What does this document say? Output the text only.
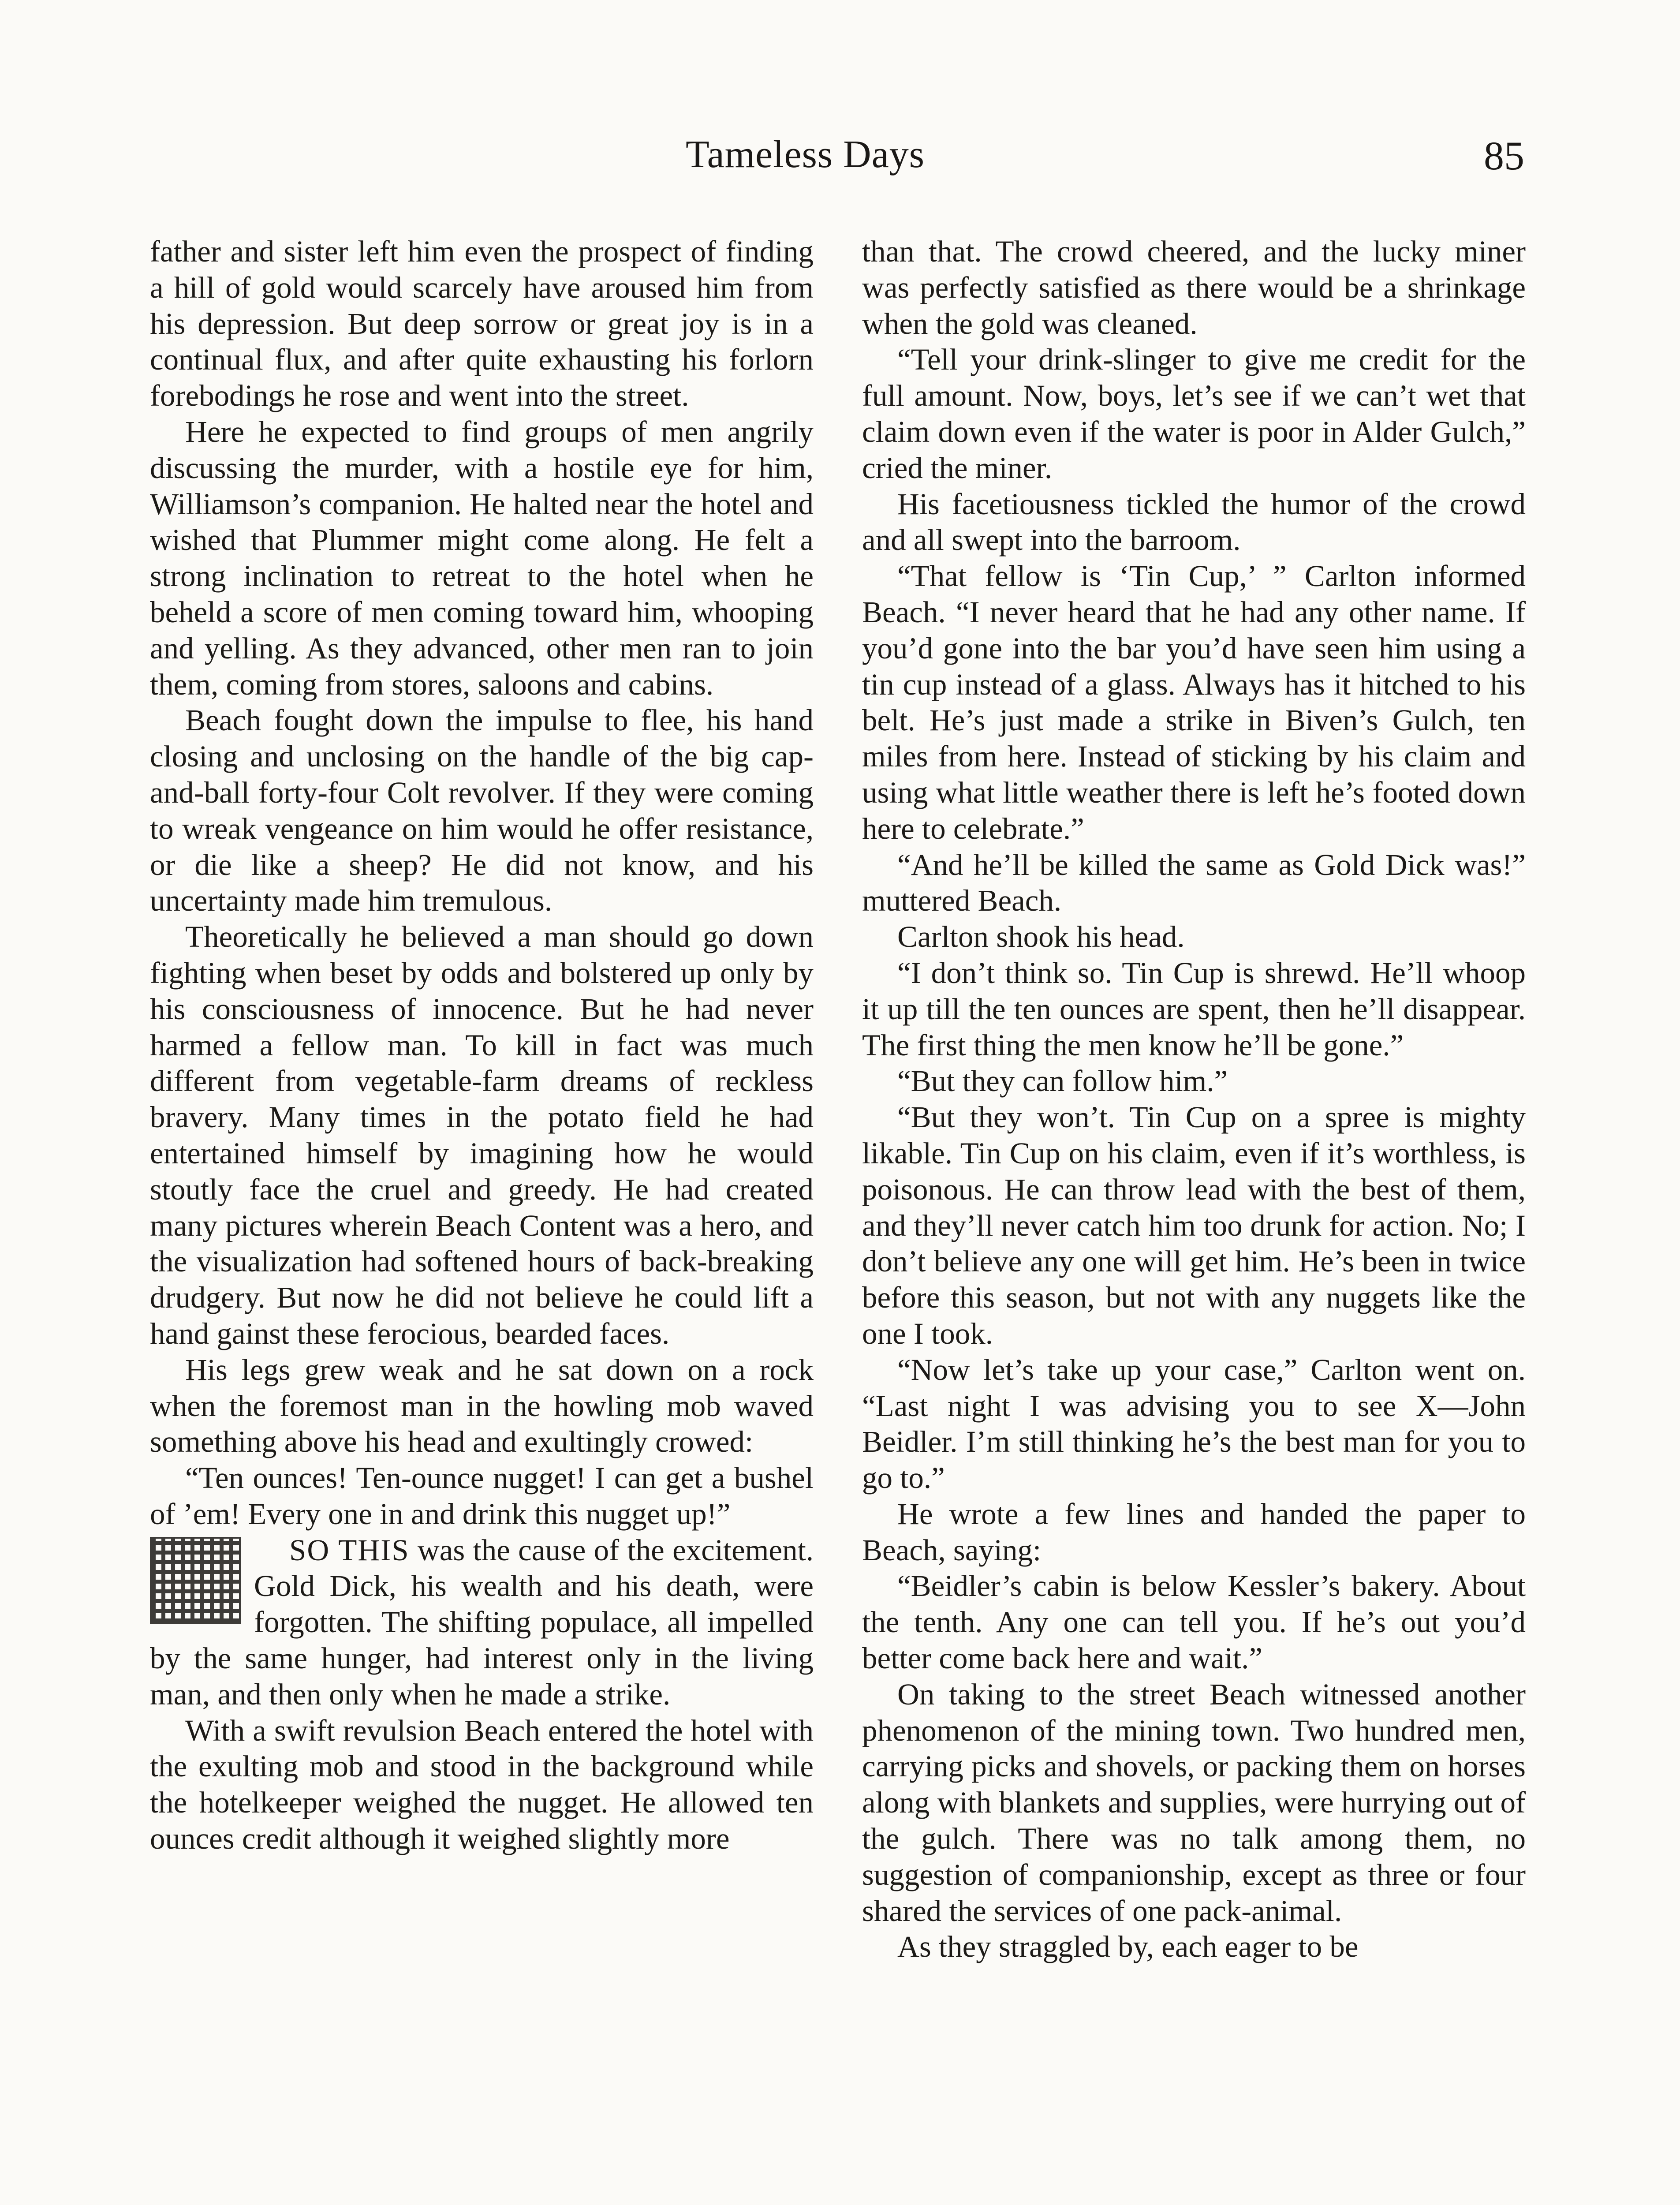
Tameless Days	85

father and sister left him even the prospect of finding a hill of gold would scarcely have aroused him from his depression. But deep sorrow or great joy is in a continual flux, and after quite exhausting his forlorn forebodings he rose and went into the street.

Here he expected to find groups of men angrily discussing the murder, with a hostile eye for him, Williamson’s companion. He halted near the hotel and wished that Plummer might come along. He felt a strong inclination to retreat to the hotel when he beheld a score of men coming toward him, whooping and yelling. As they advanced, other men ran to join them, coming from stores, saloons and cabins.

Beach fought down the impulse to flee, his hand closing and unclosing on the handle of the big cap-and-ball forty-four Colt revolver. If they were coming to wreak vengeance on him would he offer resistance, or die like a sheep? He did not know, and his uncertainty made him tremulous.

Theoretically he believed a man should go down fighting when beset by odds and bolstered up only by his consciousness of innocence. But he had never harmed a fellow man. To kill in fact was much different from vegetable-farm dreams of reckless bravery. Many times in the potato field he had entertained himself by imagining how he would stoutly face the cruel and greedy. He had created many pictures wherein Beach Content was a hero, and the visualization had softened hours of back-breaking drudgery. But now he did not believe he could lift a hand gainst these ferocious, bearded faces.

His legs grew weak and he sat down on a rock when the foremost man in the howling mob waved something above his head and exultingly crowed:

“Ten ounces! Ten-ounce nugget! I can get a bushel of ’em! Every one in and drink this nugget up!”

SO THIS was the cause of the excitement. Gold Dick, his wealth and his death, were forgotten. The shifting populace, all impelled by the same hunger, had interest only in the living man, and then only when he made a strike.

With a swift revulsion Beach entered the hotel with the exulting mob and stood in the background while the hotelkeeper weighed the nugget. He allowed ten ounces credit although it weighed slightly more

than that. The crowd cheered, and the lucky miner was perfectly satisfied as there would be a shrinkage when the gold was cleaned.

“Tell your drink-slinger to give me credit for the full amount. Now, boys, let’s see if we can’t wet that claim down even if the water is poor in Alder Gulch,” cried the miner.

His facetiousness tickled the humor of the crowd and all swept into the barroom.

“That fellow is ‘Tin Cup,’ ” Carlton informed Beach. “I never heard that he had any other name. If you’d gone into the bar you’d have seen him using a tin cup instead of a glass. Always has it hitched to his belt. He’s just made a strike in Biven’s Gulch, ten miles from here. Instead of sticking by his claim and using what little weather there is left he’s footed down here to celebrate.”

“And he’ll be killed the same as Gold Dick was!” muttered Beach.

Carlton shook his head.

“I don’t think so. Tin Cup is shrewd. He’ll whoop it up till the ten ounces are spent, then he’ll disappear. The first thing the men know he’ll be gone.”

“But they can follow him.”

“But they won’t. Tin Cup on a spree is mighty likable. Tin Cup on his claim, even if it’s worthless, is poisonous. He can throw lead with the best of them, and they’ll never catch him too drunk for action. No; I don’t believe any one will get him. He’s been in twice before this season, but not with any nuggets like the one I took.

“Now let’s take up your case,” Carlton went on. “Last night I was advising you to see X—John Beidler. I’m still thinking he’s the best man for you to go to.”

He wrote a few lines and handed the paper to Beach, saying:

“Beidler’s cabin is below Kessler’s bakery. About the tenth. Any one can tell you. If he’s out you’d better come back here and wait.”

On taking to the street Beach witnessed another phenomenon of the mining town. Two hundred men, carrying picks and shovels, or packing them on horses along with blankets and supplies, were hurrying out of the gulch. There was no talk among them, no suggestion of companionship, except as three or four shared the services of one pack-animal.

As they straggled by, each eager to be
